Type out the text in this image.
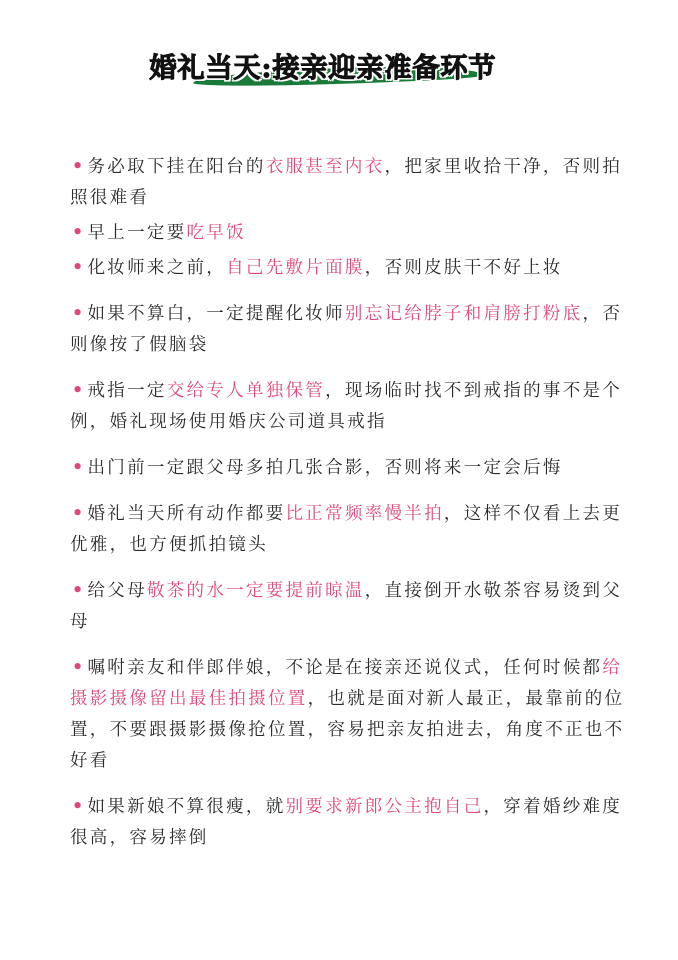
婚礼当天:接亲迎亲准备环节

• 务必取下挂在阳台的衣服甚至内衣，把家里收拾干净，否则拍照很难看

• 早上一定要吃早饭

• 化妆师来之前，自己先敷片面膜，否则皮肤干不好上妆

• 如果不算白，一定提醒化妆师别忘记给脖子和肩膀打粉底，否则像按了假脑袋

• 戒指一定交给专人单独保管，现场临时找不到戒指的事不是个例，婚礼现场使用婚庆公司道具戒指

• 出门前一定跟父母多拍几张合影，否则将来一定会后悔

• 婚礼当天所有动作都要比正常频率慢半拍，这样不仅看上去更优雅，也方便抓拍镜头

• 给父母敬茶的水一定要提前晾温，直接倒开水敬茶容易烫到父母

• 嘱咐亲友和伴郎伴娘，不论是在接亲还说仪式，任何时候都给摄影摄像留出最佳拍摄位置，也就是面对新人最正，最靠前的位置，不要跟摄影摄像抢位置，容易把亲友拍进去，角度不正也不好看

• 如果新娘不算很瘦，就别要求新郎公主抱自己，穿着婚纱难度很高，容易摔倒
